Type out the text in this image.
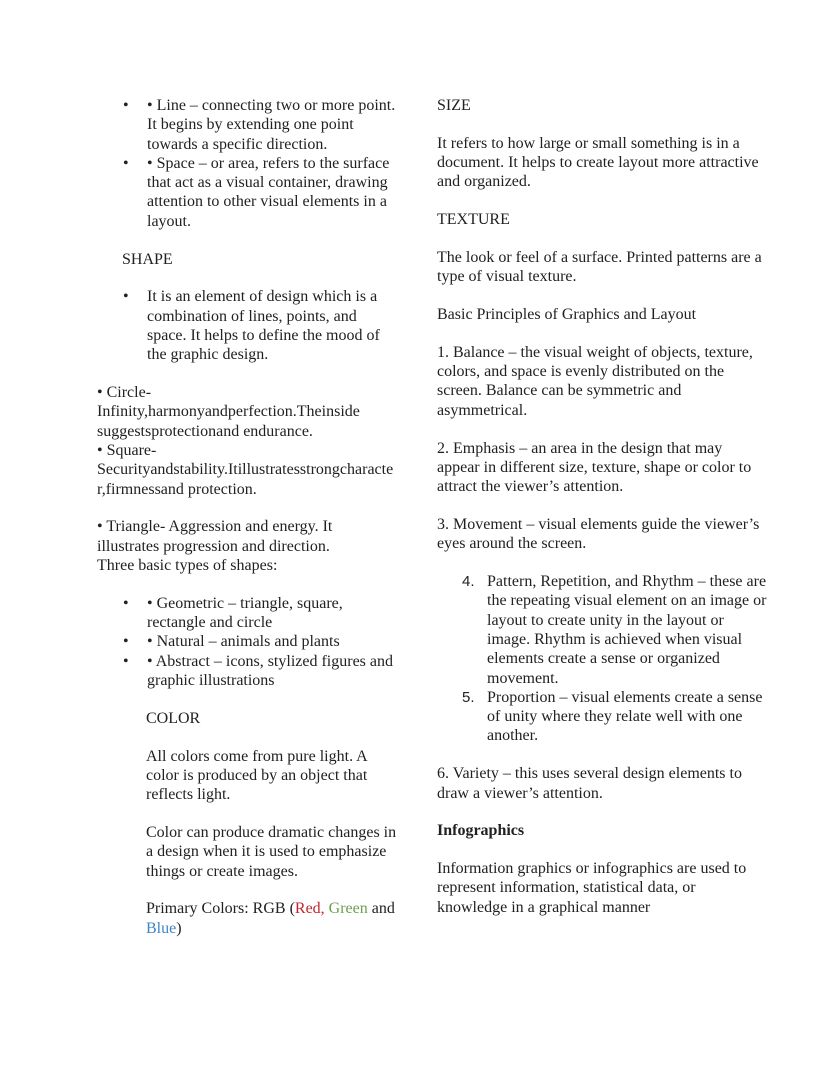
• • Line – connecting two or more point. It begins by extending one point towards a specific direction.
• • Space – or area, refers to the surface that act as a visual container, drawing attention to other visual elements in a layout.

SHAPE

• It is an element of design which is a combination of lines, points, and space. It helps to define the mood of the graphic design.

• Circle-Infinity,harmonyandperfection.Theinside suggestsprotectionand endurance.

• Square-Securityandstability.Itillustratesstrongcharacter,firmnessand protection.

• Triangle- Aggression and energy. It illustrates progression and direction.

Three basic types of shapes:

• • Geometric – triangle, square, rectangle and circle
• • Natural – animals and plants
• • Abstract – icons, stylized figures and graphic illustrations

COLOR

All colors come from pure light. A color is produced by an object that reflects light.

Color can produce dramatic changes in a design when it is used to emphasize things or create images.

Primary Colors: RGB (Red, Green and Blue)

SIZE

It refers to how large or small something is in a document. It helps to create layout more attractive and organized.

TEXTURE

The look or feel of a surface. Printed patterns are a type of visual texture.

Basic Principles of Graphics and Layout

1. Balance – the visual weight of objects, texture, colors, and space is evenly distributed on the screen. Balance can be symmetric and asymmetrical.

2. Emphasis – an area in the design that may appear in different size, texture, shape or color to attract the viewer’s attention.

3. Movement – visual elements guide the viewer’s eyes around the screen.

4. Pattern, Repetition, and Rhythm – these are the repeating visual element on an image or layout to create unity in the layout or image. Rhythm is achieved when visual elements create a sense or organized movement.
5. Proportion – visual elements create a sense of unity where they relate well with one another.

6. Variety – this uses several design elements to draw a viewer’s attention.

Infographics

Information graphics or infographics are used to represent information, statistical data, or knowledge in a graphical manner
